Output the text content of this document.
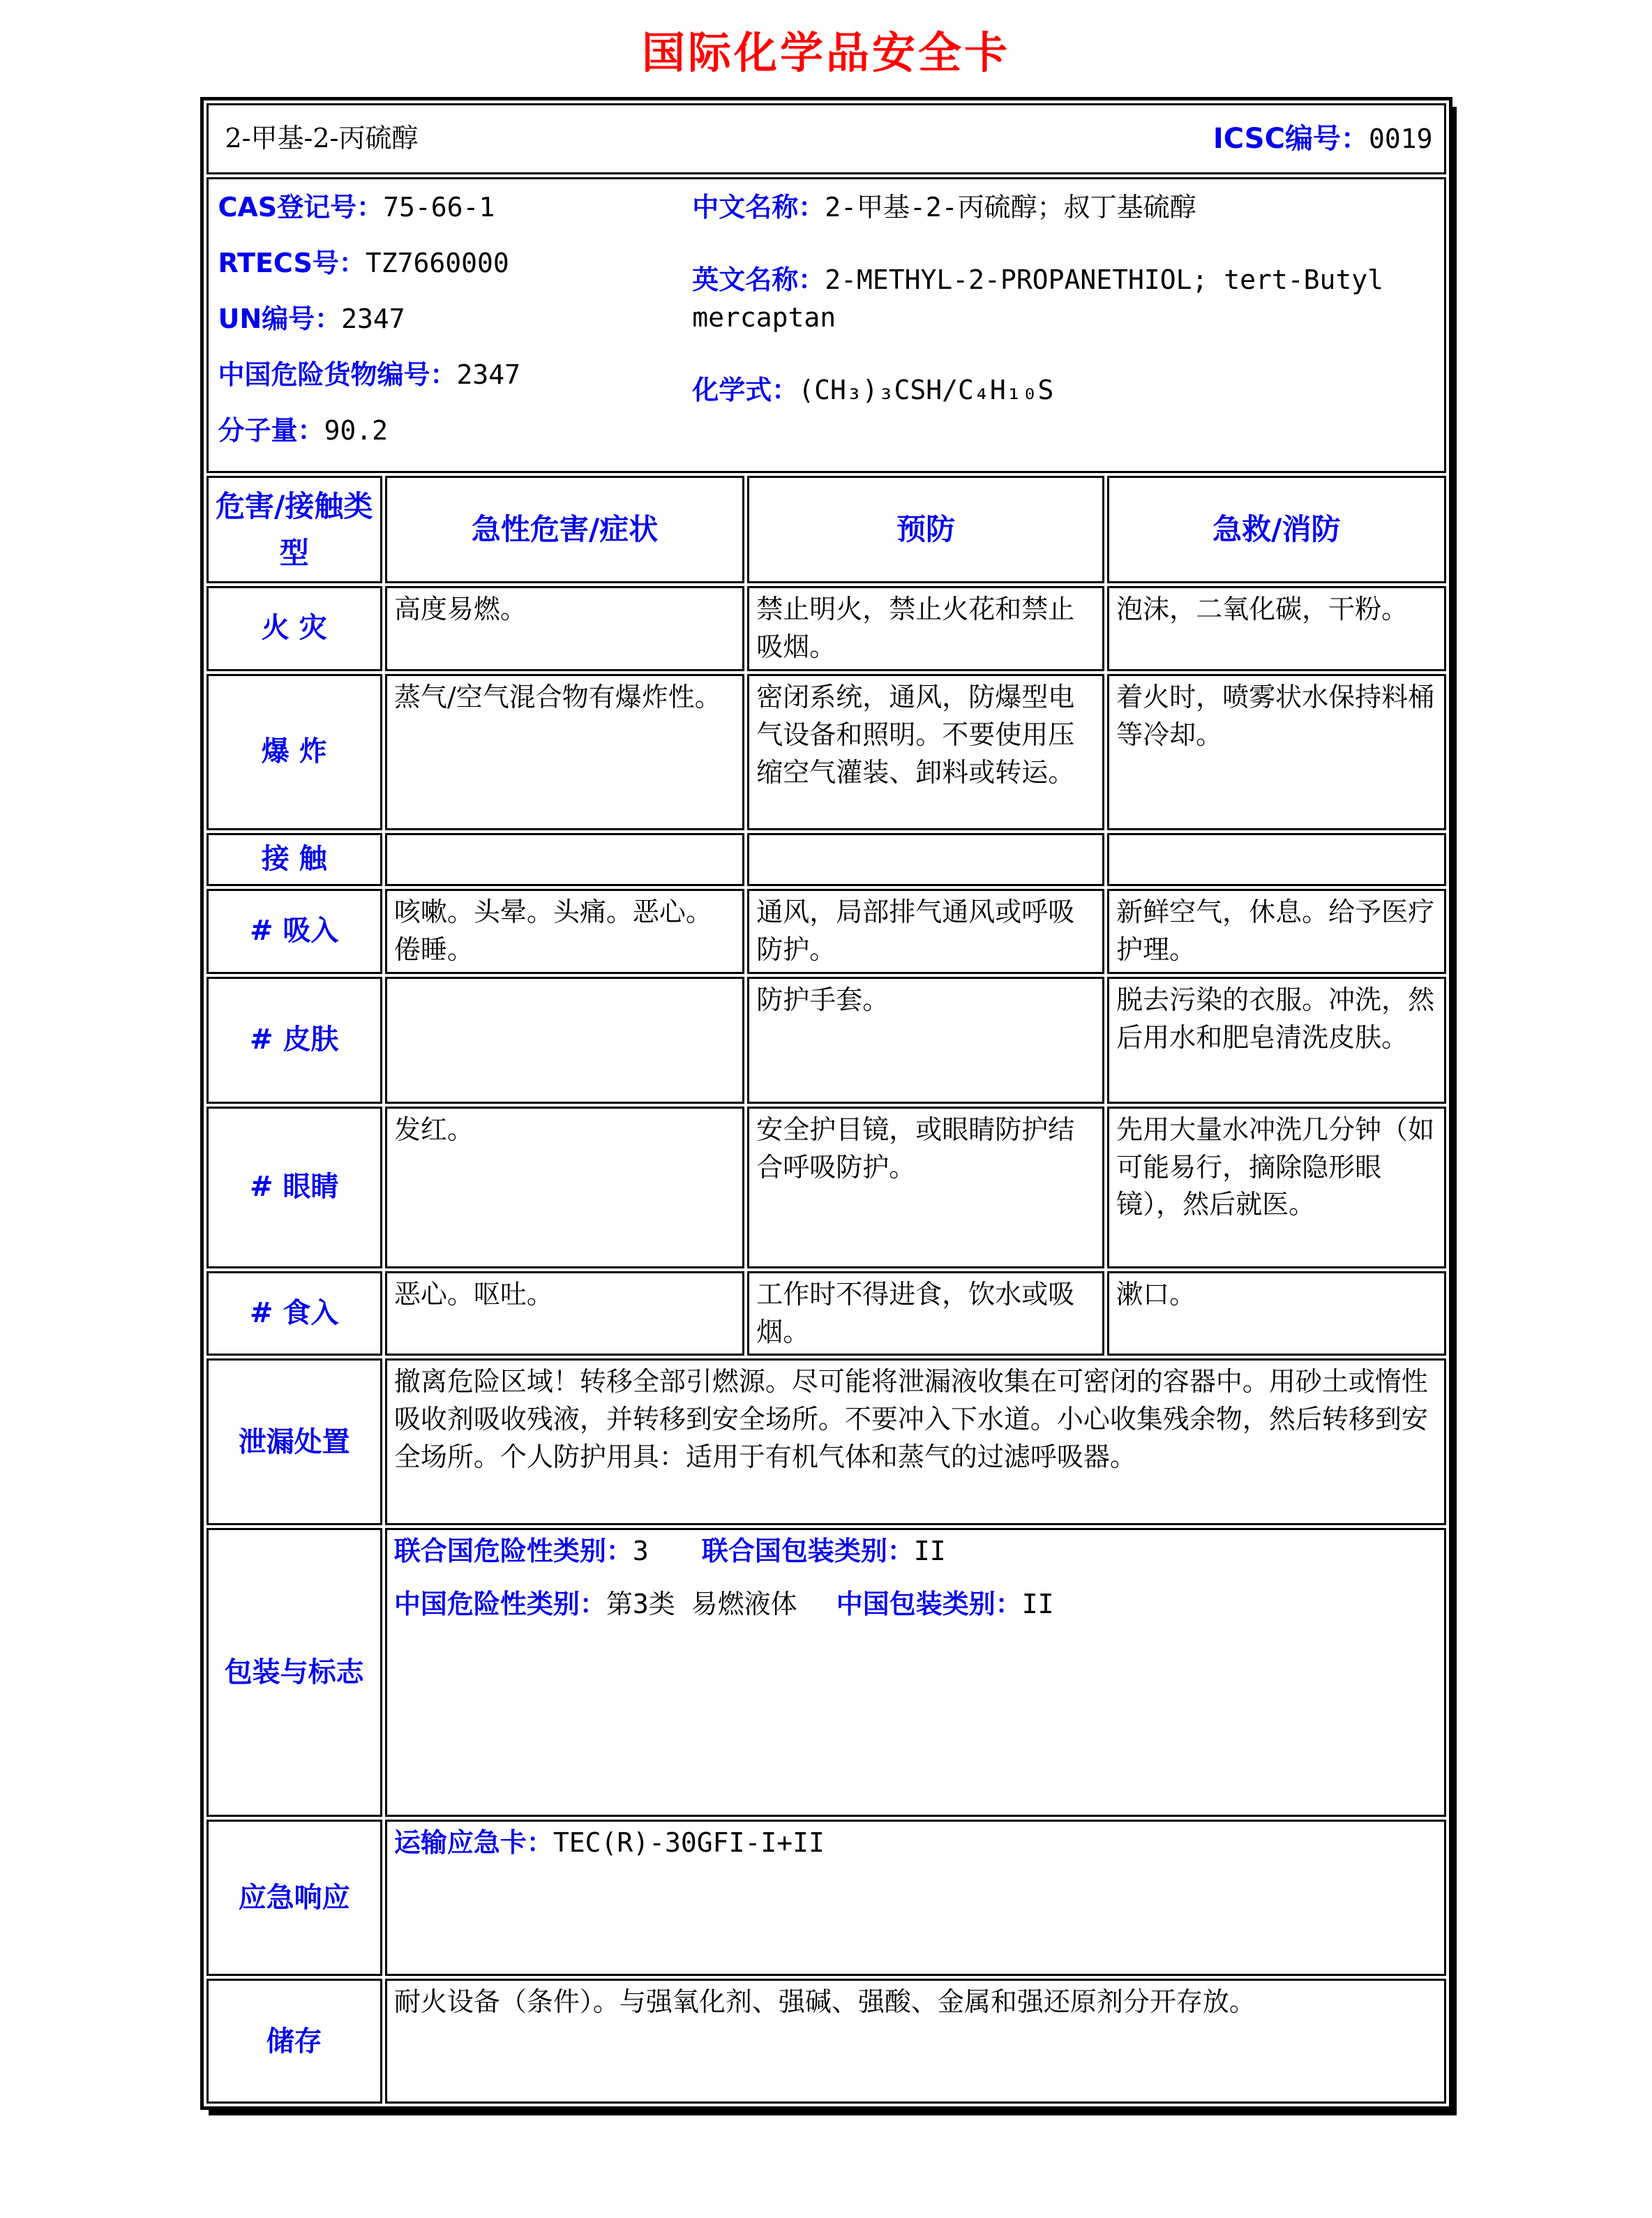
国际化学品安全卡
2-甲基-2-丙硫醇 ICSC编号：0019			

CAS登记号：75-66-1
RTECS号：TZ7660000
UN编号：2347
中国危险货物编号：2347
分子量：90.2
中文名称：2-甲基-2-丙硫醇；叔丁基硫醇
英文名称：2-METHYL-2-PROPANETHIOL; tert-Butyl mercaptan
化学式：(CH₃)₃CSH/C₄H₁₀S

危害/接触类型	急性危害/症状	预防	急救/消防
火 灾	高度易燃。	禁止明火，禁止火花和禁止吸烟。	泡沫，二氧化碳，干粉。
爆 炸	蒸气/空气混合物有爆炸性。	密闭系统，通风，防爆型电气设备和照明。不要使用压缩空气灌装、卸料或转运。	着火时，喷雾状水保持料桶等冷却。
接 触			
# 吸入	咳嗽。头晕。头痛。恶心。倦睡。	通风，局部排气通风或呼吸防护。	新鲜空气，休息。给予医疗护理。
# 皮肤		防护手套。	脱去污染的衣服。冲洗，然后用水和肥皂清洗皮肤。
# 眼睛	发红。	安全护目镜，或眼睛防护结合呼吸防护。	先用大量水冲洗几分钟（如可能易行，摘除隐形眼镜），然后就医。
# 食入	恶心。呕吐。	工作时不得进食，饮水或吸烟。	漱口。
泄漏处置	撤离危险区域！转移全部引燃源。尽可能将泄漏液收集在可密闭的容器中。用砂土或惰性吸收剂吸收残液，并转移到安全场所。不要冲入下水道。小心收集残余物，然后转移到安全场所。个人防护用具：适用于有机气体和蒸气的过滤呼吸器。		
包装与标志	联合国危险性类别：3 联合国包装类别：II
中国危险性类别：第3类 易燃液体 中国包装类别：II		

应急响应	运输应急卡：TEC(R)-30GFI-I+II		
储存	耐火设备（条件）。与强氧化剂、强碱、强酸、金属和强还原剂分开存放。		
